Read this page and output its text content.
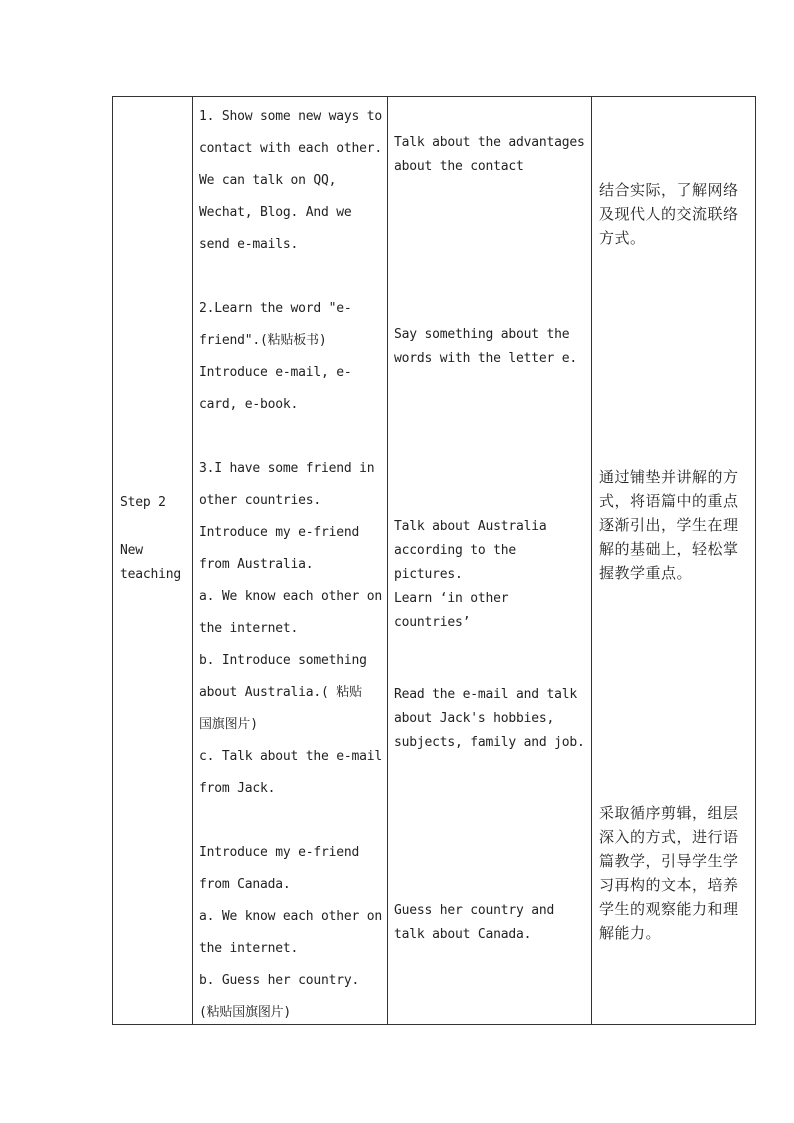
Step 2
New
teaching
1. Show some new ways to
contact with each other.
We can talk on QQ,
Wechat, Blog. And we
send e-mails.
2.Learn the word "e-
friend".(粘贴板书)
Introduce e-mail, e-
card, e-book.
3.I have some friend in
other countries.
Introduce my e-friend
from Australia.
a. We know each other on
the internet.
b. Introduce something
about Australia.( 粘贴
国旗图片)
c. Talk about the e-mail
from Jack.
Introduce my e-friend
from Canada.
a. We know each other on
the internet.
b. Guess her country.
(粘贴国旗图片)
Talk about the advantages
about the contact
Say something about the
words with the letter e.
Talk about Australia
according to the
pictures.
Learn ‘in other
countries’
Read the e-mail and talk
about Jack's hobbies,
subjects, family and job.
Guess her country and
talk about Canada.
结合实际，了解网络
及现代人的交流联络
方式。
通过铺垫并讲解的方
式，将语篇中的重点
逐渐引出，学生在理
解的基础上，轻松掌
握教学重点。
采取循序剪辑，组层
深入的方式，进行语
篇教学，引导学生学
习再构的文本，培养
学生的观察能力和理
解能力。
